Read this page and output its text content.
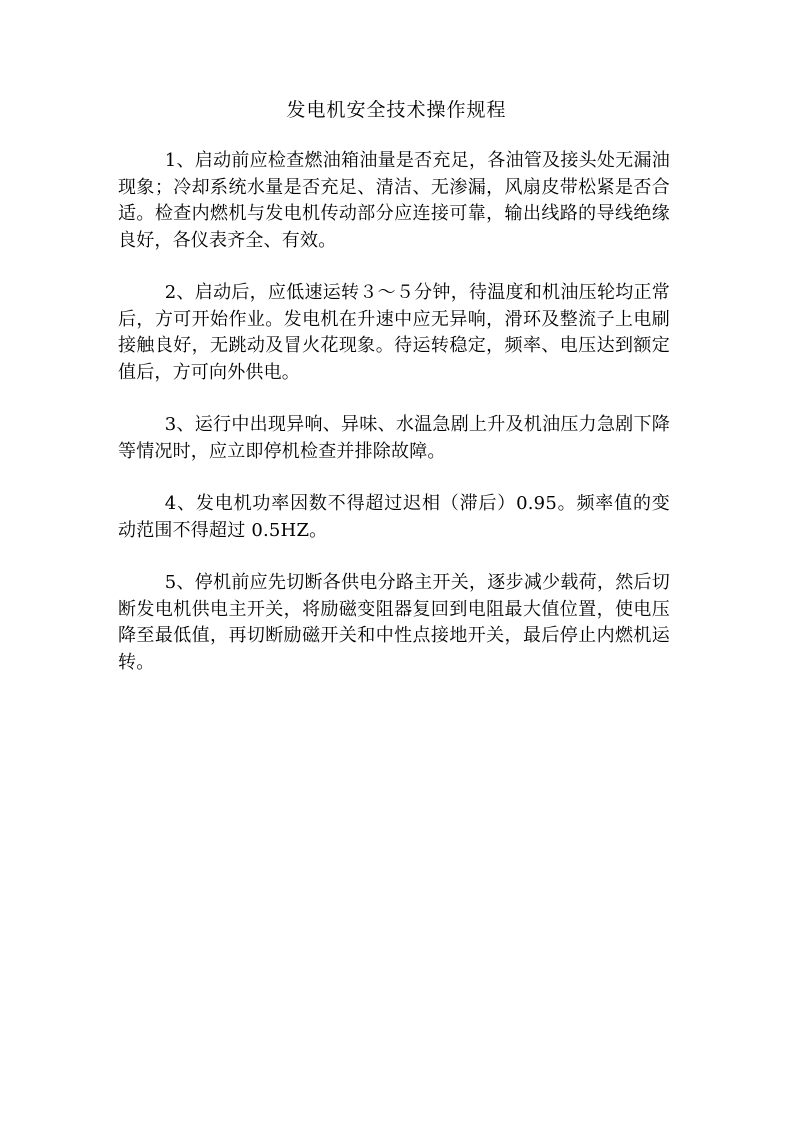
发电机安全技术操作规程

1、启动前应检查燃油箱油量是否充足，各油管及接头处无漏油现象；冷却系统水量是否充足、清洁、无渗漏，风扇皮带松紧是否合适。检查内燃机与发电机传动部分应连接可靠，输出线路的导线绝缘良好，各仪表齐全、有效。

2、启动后，应低速运转３～５分钟，待温度和机油压轮均正常后，方可开始作业。发电机在升速中应无异响，滑环及整流子上电刷接触良好，无跳动及冒火花现象。待运转稳定，频率、电压达到额定值后，方可向外供电。

3、运行中出现异响、异味、水温急剧上升及机油压力急剧下降等情况时，应立即停机检查并排除故障。

4、发电机功率因数不得超过迟相（滞后）0.95。频率值的变动范围不得超过 0.5HZ。

5、停机前应先切断各供电分路主开关，逐步减少载荷，然后切断发电机供电主开关，将励磁变阻器复回到电阻最大值位置，使电压降至最低值，再切断励磁开关和中性点接地开关，最后停止内燃机运转。
